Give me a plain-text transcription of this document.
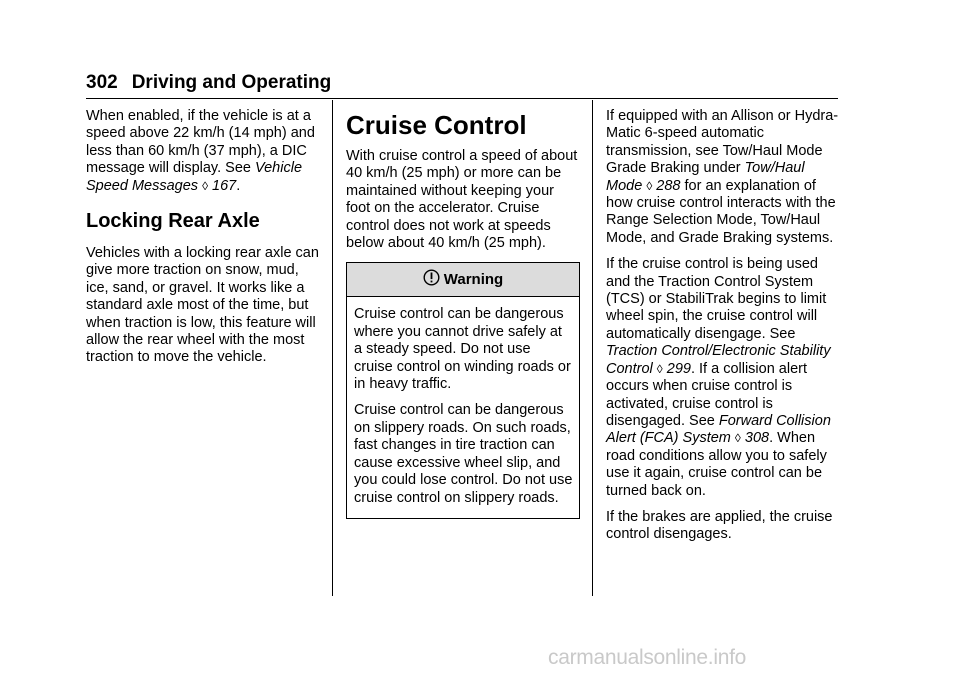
302 Driving and Operating

When enabled, if the vehicle is at a speed above 22 km/h (14 mph) and less than 60 km/h (37 mph), a DIC message will display. See Vehicle Speed Messages ◊ 167.

Locking Rear Axle

Vehicles with a locking rear axle can give more traction on snow, mud, ice, sand, or gravel. It works like a standard axle most of the time, but when traction is low, this feature will allow the rear wheel with the most traction to move the vehicle.

Cruise Control

With cruise control a speed of about 40 km/h (25 mph) or more can be maintained without keeping your foot on the accelerator. Cruise control does not work at speeds below about 40 km/h (25 mph).

Warning

Cruise control can be dangerous where you cannot drive safely at a steady speed. Do not use cruise control on winding roads or in heavy traffic.

Cruise control can be dangerous on slippery roads. On such roads, fast changes in tire traction can cause excessive wheel slip, and you could lose control. Do not use cruise control on slippery roads.

If equipped with an Allison or Hydra-Matic 6-speed automatic transmission, see Tow/Haul Mode Grade Braking under Tow/Haul Mode ◊ 288 for an explanation of how cruise control interacts with the Range Selection Mode, Tow/Haul Mode, and Grade Braking systems.

If the cruise control is being used and the Traction Control System (TCS) or StabiliTrak begins to limit wheel spin, the cruise control will automatically disengage. See Traction Control/Electronic Stability Control ◊ 299. If a collision alert occurs when cruise control is activated, cruise control is disengaged. See Forward Collision Alert (FCA) System ◊ 308. When road conditions allow you to safely use it again, cruise control can be turned back on.

If the brakes are applied, the cruise control disengages.

carmanualsonline.info
